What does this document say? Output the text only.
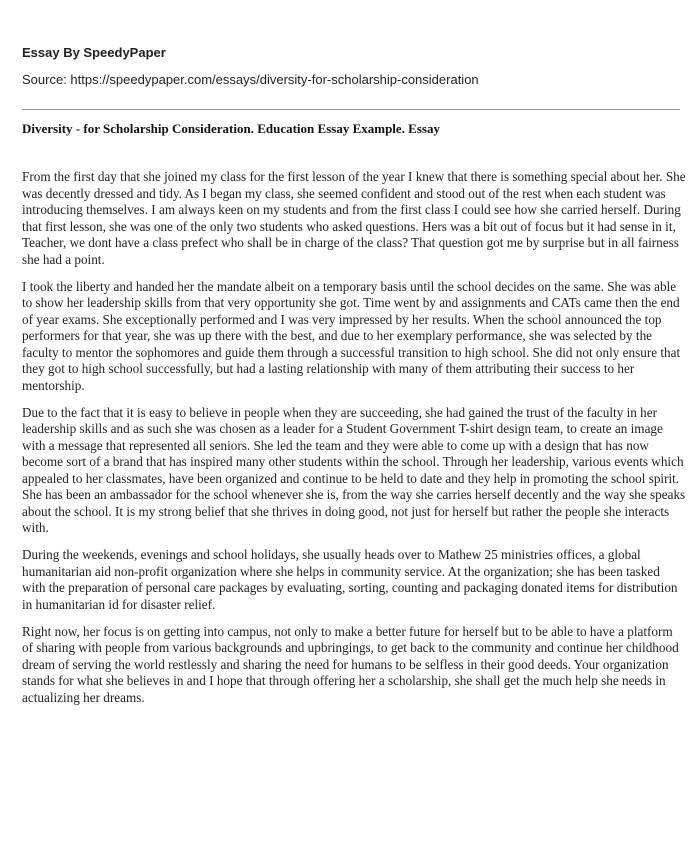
Essay By SpeedyPaper
Source: https://speedypaper.com/essays/diversity-for-scholarship-consideration
Diversity - for Scholarship Consideration. Education Essay Example. Essay

From the first day that she joined my class for the first lesson of the year I knew that there is something special about her. She was decently dressed and tidy. As I began my class, she seemed confident and stood out of the rest when each student was introducing themselves. I am always keen on my students and from the first class I could see how she carried herself. During that first lesson, she was one of the only two students who asked questions. Hers was a bit out of focus but it had sense in it, Teacher, we dont have a class prefect who shall be in charge of the class? That question got me by surprise but in all fairness she had a point.

I took the liberty and handed her the mandate albeit on a temporary basis until the school decides on the same. She was able to show her leadership skills from that very opportunity she got. Time went by and assignments and CATs came then the end of year exams. She exceptionally performed and I was very impressed by her results. When the school announced the top performers for that year, she was up there with the best, and due to her exemplary performance, she was selected by the faculty to mentor the sophomores and guide them through a successful transition to high school. She did not only ensure that they got to high school successfully, but had a lasting relationship with many of them attributing their success to her mentorship.

Due to the fact that it is easy to believe in people when they are succeeding, she had gained the trust of the faculty in her leadership skills and as such she was chosen as a leader for a Student Government T-shirt design team, to create an image with a message that represented all seniors. She led the team and they were able to come up with a design that has now become sort of a brand that has inspired many other students within the school. Through her leadership, various events which appealed to her classmates, have been organized and continue to be held to date and they help in promoting the school spirit. She has been an ambassador for the school whenever she is, from the way she carries herself decently and the way she speaks about the school. It is my strong belief that she thrives in doing good, not just for herself but rather the people she interacts with.

During the weekends, evenings and school holidays, she usually heads over to Mathew 25 ministries offices, a global humanitarian aid non-profit organization where she helps in community service. At the organization; she has been tasked with the preparation of personal care packages by evaluating, sorting, counting and packaging donated items for distribution in humanitarian id for disaster relief.

Right now, her focus is on getting into campus, not only to make a better future for herself but to be able to have a platform of sharing with people from various backgrounds and upbringings, to get back to the community and continue her childhood dream of serving the world restlessly and sharing the need for humans to be selfless in their good deeds. Your organization stands for what she believes in and I hope that through offering her a scholarship, she shall get the much help she needs in actualizing her dreams.
